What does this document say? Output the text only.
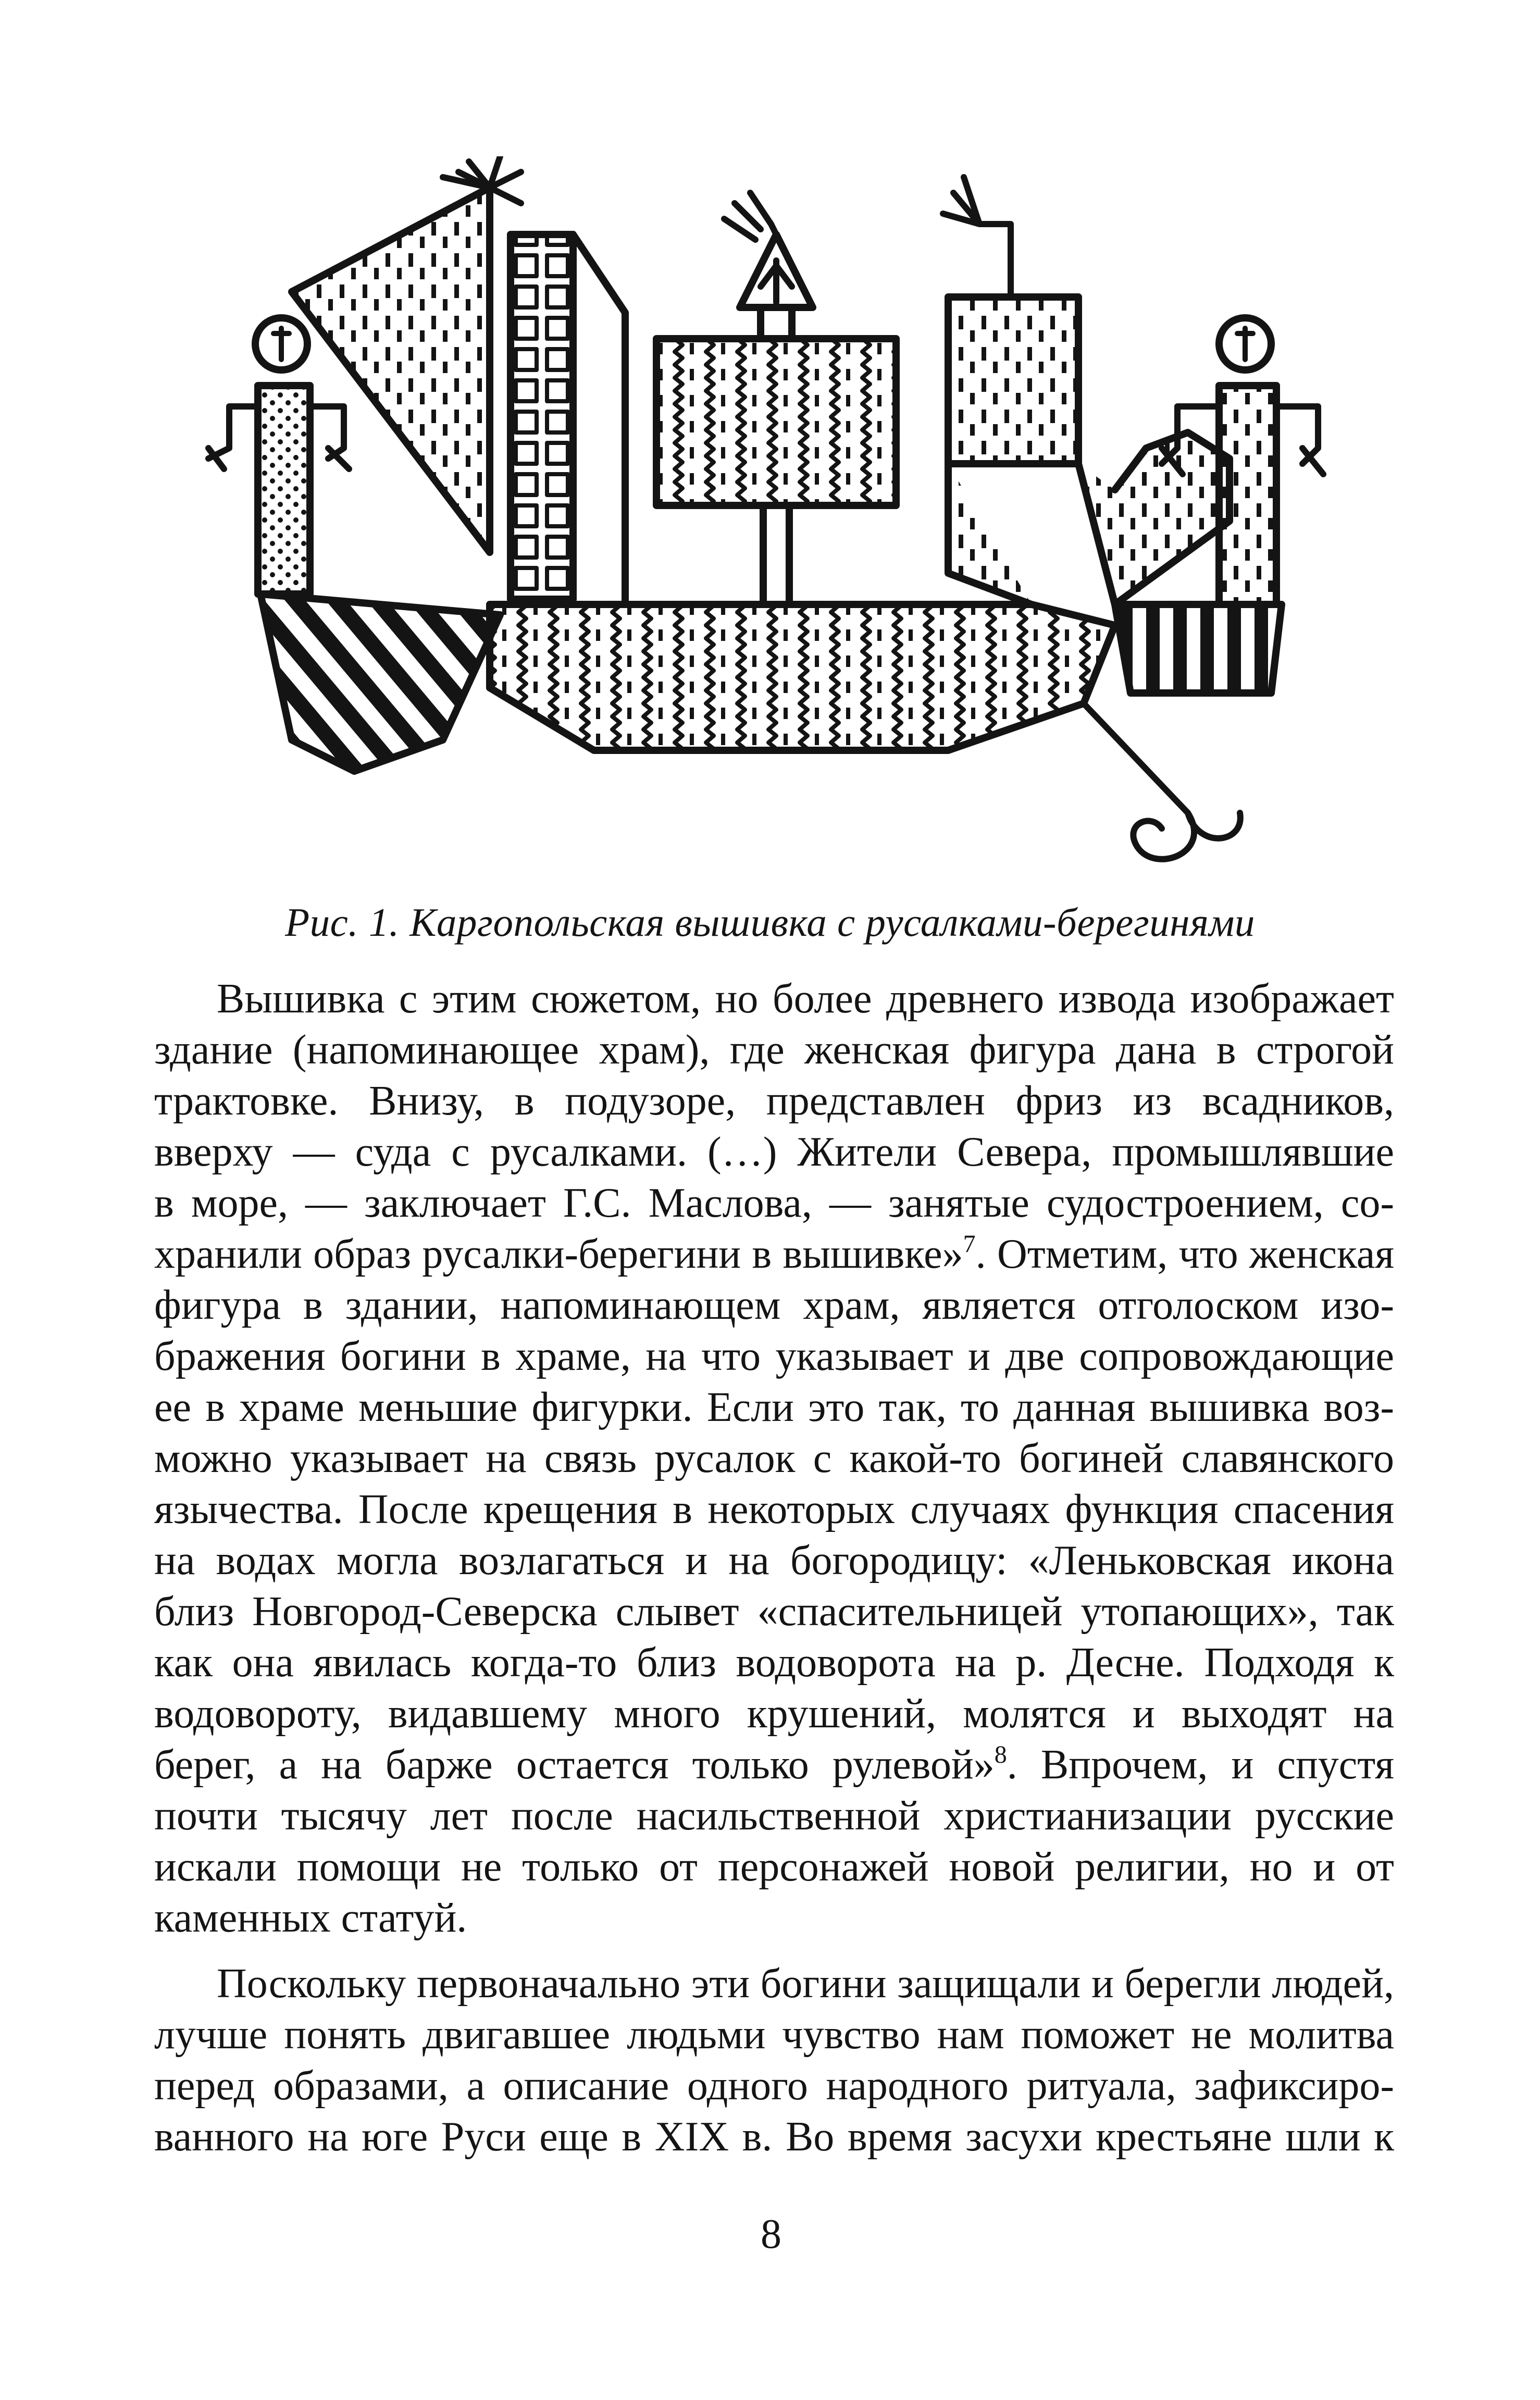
Рис. 1. Каргопольская вышивка с русалками-берегинями
Вышивка с этим сюжетом, но более древнего извода изображает
здание (напоминающее храм), где женская фигура дана в строгой
трактовке. Внизу, в подузоре, представлен фриз из всадников,
вверху — суда с русалками. (…) Жители Севера, промышлявшие
в море, — заключает Г.С. Маслова, — занятые судостроением, со-
хранили образ русалки-берегини в вышивке»$^7$. Отметим, что женская
фигура в здании, напоминающем храм, является отголоском изо-
бражения богини в храме, на что указывает и две сопровождающие
ее в храме меньшие фигурки. Если это так, то данная вышивка воз-
можно указывает на связь русалок с какой-то богиней славянского
язычества. После крещения в некоторых случаях функция спасения
на водах могла возлагаться и на богородицу: «Леньковская икона
близ Новгород-Северска слывет «спасительницей утопающих», так
как она явилась когда-то близ водоворота на р. Десне. Подходя к
водовороту, видавшему много крушений, молятся и выходят на
берег, а на барже остается только рулевой»$^8$. Впрочем, и спустя
почти тысячу лет после насильственной христианизации русские
искали помощи не только от персонажей новой религии, но и от
каменных статуй.
Поскольку первоначально эти богини защищали и берегли людей,
лучше понять двигавшее людьми чувство нам поможет не молитва
перед образами, а описание одного народного ритуала, зафиксиро-
ванного на юге Руси еще в XIX в. Во время засухи крестьяне шли к
8
